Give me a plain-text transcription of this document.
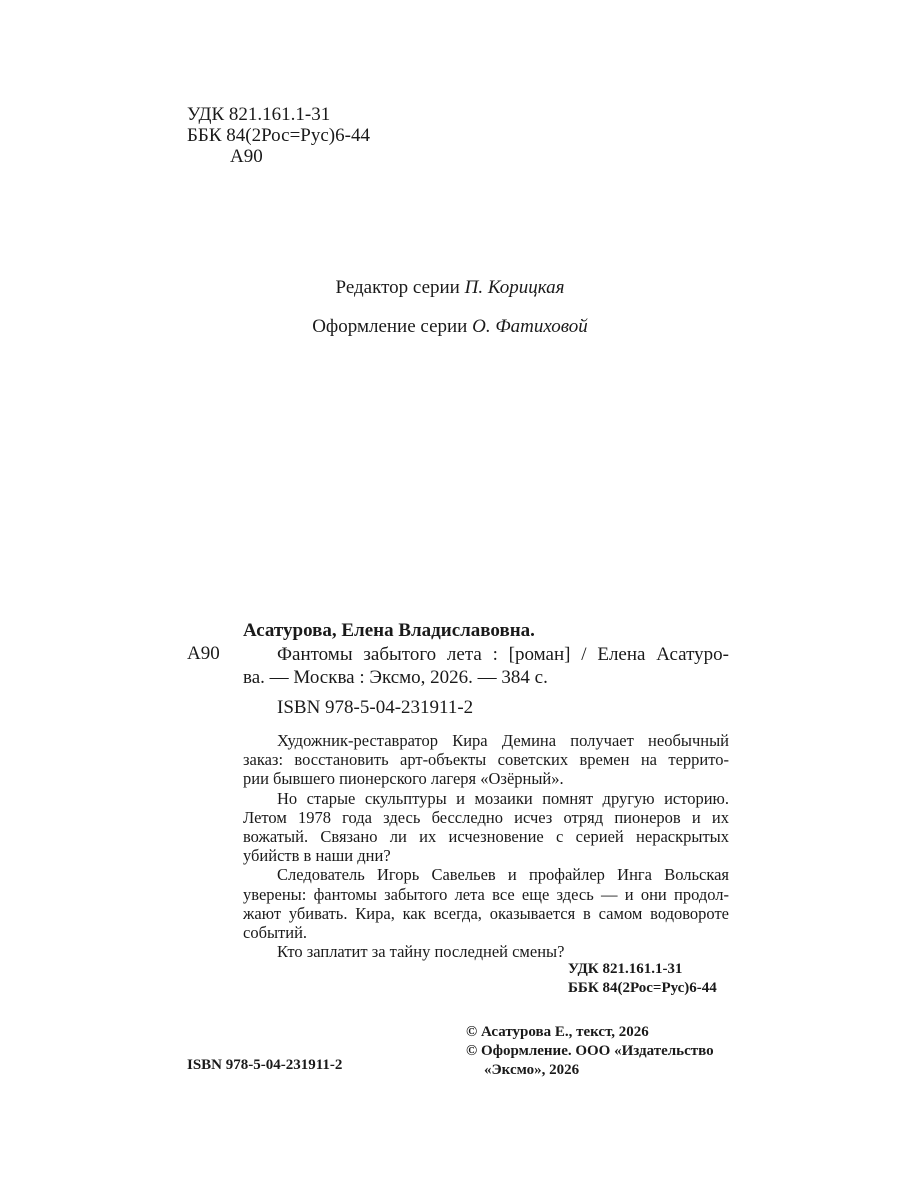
УДК 821.161.1-31
ББК 84(2Рос=Рус)6-44
А90
Редактор серии П. Корицкая
Оформление серии О. Фатиховой
Асатурова, Елена Владиславовна.
А90	Фантомы забытого лета : [роман] / Елена Асатуро-
ва. — Москва : Эксмо, 2026. — 384 с.
ISBN 978-5-04-231911-2

Художник-реставратор Кира Демина получает необычный

заказ: восстановить арт-объекты советских времен на террито-

рии бывшего пионерского лагеря «Озёрный».

Но старые скульптуры и мозаики помнят другую историю.

Летом 1978 года здесь бесследно исчез отряд пионеров и их

вожатый. Связано ли их исчезновение с серией нераскрытых

убийств в наши дни?

Следователь Игорь Савельев и профайлер Инга Вольская

уверены: фантомы забытого лета все еще здесь — и они продол-

жают убивать. Кира, как всегда, оказывается в самом водовороте

событий.

Кто заплатит за тайну последней смены?

УДК 821.161.1-31
ББК 84(2Рос=Рус)6-44
© Асатурова Е., текст, 2026
© Оформление. ООО «Издательство
«Эксмо», 2026
ISBN 978-5-04-231911-2
